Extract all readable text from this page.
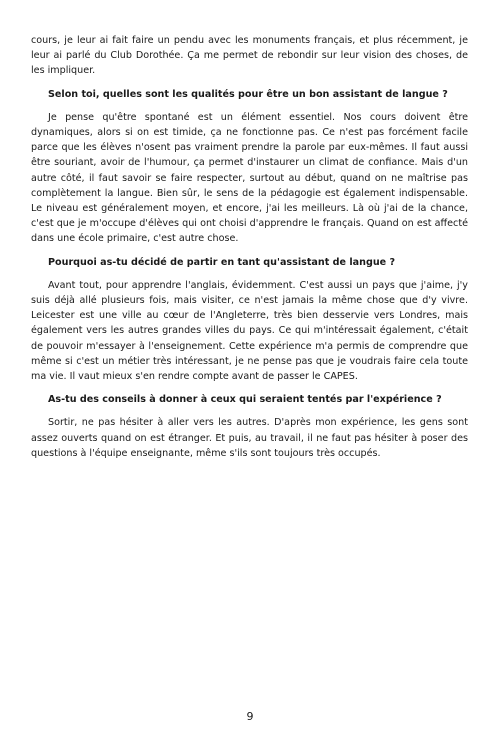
cours, je leur ai fait faire un pendu avec les monuments français, et plus récemment, je leur ai parlé du Club Dorothée. Ça me permet de rebondir sur leur vision des choses, de les impliquer.

Selon toi, quelles sont les qualités pour être un bon assistant de langue ?

Je pense qu'être spontané est un élément essentiel. Nos cours doivent être dynamiques, alors si on est timide, ça ne fonctionne pas. Ce n'est pas forcément facile parce que les élèves n'osent pas vraiment prendre la parole par eux-mêmes. Il faut aussi être souriant, avoir de l'humour, ça permet d'instaurer un climat de confiance. Mais d'un autre côté, il faut savoir se faire respecter, surtout au début, quand on ne maîtrise pas complètement la langue. Bien sûr, le sens de la pédagogie est également indispensable. Le niveau est généralement moyen, et encore, j'ai les meilleurs. Là où j'ai de la chance, c'est que je m'occupe d'élèves qui ont choisi d'apprendre le français. Quand on est affecté dans une école primaire, c'est autre chose.

Pourquoi as-tu décidé de partir en tant qu'assistant de langue ?

Avant tout, pour apprendre l'anglais, évidemment. C'est aussi un pays que j'aime, j'y suis déjà allé plusieurs fois, mais visiter, ce n'est jamais la même chose que d'y vivre. Leicester est une ville au cœur de l'Angleterre, très bien desservie vers Londres, mais également vers les autres grandes villes du pays. Ce qui m'intéressait également, c'était de pouvoir m'essayer à l'enseignement. Cette expérience m'a permis de comprendre que même si c'est un métier très intéressant, je ne pense pas que je voudrais faire cela toute ma vie. Il vaut mieux s'en rendre compte avant de passer le CAPES.

As-tu des conseils à donner à ceux qui seraient tentés par l'expérience ?

Sortir, ne pas hésiter à aller vers les autres. D'après mon expérience, les gens sont assez ouverts quand on est étranger. Et puis, au travail, il ne faut pas hésiter à poser des questions à l'équipe enseignante, même s'ils sont toujours très occupés.

9
